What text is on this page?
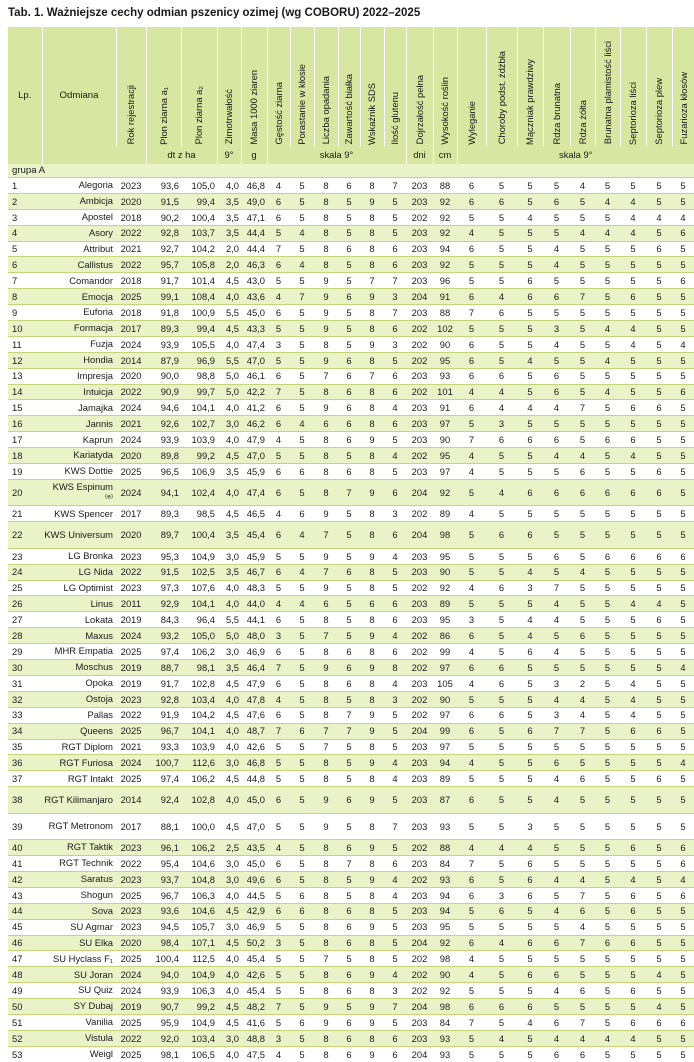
Tab. 1. Ważniejsze cechy odmian pszenicy ozimej (wg COBORU) 2022–2025
Lp.	Odmiana	Rok rejestracji	Plon ziarna a₁	Plon ziarna a₂	Zimotrwałość	Masa 1000 ziaren	Gęstość ziarna	Porastanie w kłosie	Liczba opadania	Zawartość białka	Wskaźnik SDS	Ilość glutenu	Dojrzałość pełna	Wysokość roślin	Wyleganie	Choroby podst. źdźbła	Mączniak prawdziwy	Rdza brunatna	Rdza żółta	Brunatna plamistość liści	Septorioza liści	Septorioza plew	Fuzarioza kłosów
			dt z ha		9°	g	skala 9°						dni	cm	skala 9°								
grupa A																							
1	Alegoria	2023	93,6	105,0	4,0	46,8	4	5	8	6	8	7	203	88	6	5	5	5	4	5	5	5	5
2	Ambicja	2020	91,5	99,4	3,5	49,0	6	5	8	5	9	5	203	92	6	6	5	6	5	4	4	5	5
3	Apostel	2018	90,2	100,4	3,5	47,1	6	5	8	5	8	5	202	92	5	5	4	5	5	5	4	4	4
4	Asory	2022	92,8	103,7	3,5	44,4	5	4	8	5	8	5	203	92	4	5	5	5	4	4	4	5	6
5	Attribut	2021	92,7	104,2	2,0	44,4	7	5	8	6	8	6	203	94	6	5	5	4	5	5	5	6	5
6	Callistus	2022	95,7	105,8	2,0	46,3	6	4	8	5	8	6	203	92	5	5	5	4	5	5	5	5	5
7	Comandor	2018	91,7	101,4	4,5	43,0	5	5	9	5	7	7	203	96	5	5	6	5	5	5	5	5	6
8	Emocja	2025	99,1	108,4	4,0	43,6	4	7	9	6	9	3	204	91	6	4	6	6	7	5	6	5	5
9	Euforia	2018	91,8	100,9	5,5	45,0	6	5	9	5	8	7	203	88	7	6	5	5	5	5	5	5	5
10	Formacja	2017	89,3	99,4	4,5	43,3	5	5	9	5	8	6	202	102	5	5	5	3	5	4	4	5	5
11	Fuzja	2024	93,9	105,5	4,0	47,4	3	5	8	5	9	3	202	90	6	5	5	4	5	5	4	5	4
12	Hondia	2014	87,9	96,9	5,5	47,0	5	5	9	6	8	5	202	95	6	5	4	5	5	4	5	5	5
13	Impresja	2020	90,0	98,8	5,0	46,1	6	5	7	6	7	6	203	93	6	6	5	6	5	5	5	5	5
14	Intuicja	2022	90,9	99,7	5,0	42,2	7	5	8	6	8	6	202	101	4	4	5	6	5	4	5	5	6
15	Jamajka	2024	94,6	104,1	4,0	41,2	6	5	9	6	8	4	203	91	6	4	4	4	7	5	6	6	5
16	Jannis	2021	92,6	102,7	3,0	46,2	6	4	6	6	8	6	203	97	5	3	5	5	5	5	5	5	5
17	Kaprun	2024	93,9	103,9	4,0	47,9	4	5	8	6	9	5	203	90	7	6	6	6	5	6	6	5	5
18	Kariatyda	2020	89,8	99,2	4,5	47,0	5	5	8	5	8	4	202	95	4	5	5	4	4	5	4	5	5
19	KWS Dottie	2025	96,5	106,9	3,5	45,9	6	6	8	6	8	5	203	97	4	5	5	5	6	5	5	6	5
20	KWS Espinum ⁽ᵉ⁾	2024	94,1	102,4	4,0	47,4	6	5	8	7	9	6	204	92	5	4	6	6	6	6	6	6	5
21	KWS Spencer	2017	89,3	98,5	4,5	46,5	4	6	9	5	8	3	202	89	4	5	5	5	5	5	5	5	5
22	KWS Universum	2020	89,7	100,4	3,5	45,4	6	4	7	5	8	6	204	98	5	6	6	5	5	5	5	5	5
23	LG Bronka	2023	95,3	104,9	3,0	45,9	5	5	9	5	9	4	203	95	5	5	5	6	5	6	6	6	6
24	LG Nida	2022	91,5	102,5	3,5	46,7	6	4	7	6	8	5	203	90	5	5	4	5	4	5	5	5	5
25	LG Optimist	2023	97,3	107,6	4,0	48,3	5	5	9	5	8	5	202	92	4	6	3	7	5	5	5	5	5
26	Linus	2011	92,9	104,1	4,0	44,0	4	4	6	5	6	6	203	89	5	5	5	4	5	5	4	4	5
27	Lokata	2019	84,3	96,4	5,5	44,1	6	5	8	5	8	6	203	95	3	5	4	4	5	5	5	6	5
28	Maxus	2024	93,2	105,0	5,0	48,0	3	5	7	5	9	4	202	86	6	5	4	5	6	5	5	5	5
29	MHR Empatia	2025	97,4	106,2	3,0	46,9	6	5	8	6	8	6	202	99	4	5	6	4	5	5	5	5	5
30	Moschus	2019	88,7	98,1	3,5	46,4	7	5	9	6	9	8	202	97	6	6	5	5	5	5	5	5	4
31	Opoka	2019	91,7	102,8	4,5	47,9	6	5	8	6	8	4	203	105	4	6	5	3	2	5	4	5	5
32	Ostoja	2023	92,8	103,4	4,0	47,8	4	5	8	5	8	3	202	90	5	5	5	4	4	5	4	5	5
33	Pallas	2022	91,9	104,2	4,5	47,6	6	5	8	7	9	5	202	97	6	6	5	3	4	5	4	5	5
34	Queens	2025	96,7	104,1	4,0	48,7	7	6	7	7	9	5	204	99	6	5	6	7	7	5	6	6	5
35	RGT Diplom	2021	93,3	103,9	4,0	42,6	5	5	7	5	8	5	203	97	5	5	5	5	5	5	5	5	5
36	RGT Furiosa	2024	100,7	112,6	3,0	46,8	5	5	8	5	9	4	203	94	4	5	5	6	5	5	5	5	4
37	RGT Intakt	2025	97,4	106,2	4,5	44,8	5	5	8	5	8	4	203	89	5	5	5	4	6	5	5	6	5
38	RGT Kilimanjaro	2014	92,4	102,8	4,0	45,0	6	5	9	6	9	5	203	87	6	5	5	4	5	5	5	5	5
39	RGT Metronom	2017	88,1	100,0	4,5	47,0	5	5	9	5	8	7	203	93	5	5	3	5	5	5	5	5	5
40	RGT Taktik	2023	96,1	106,2	2,5	43,5	4	5	8	6	9	5	202	88	4	4	4	5	5	5	6	5	6
41	RGT Technik	2022	95,4	104,6	3,0	45,0	6	5	8	7	8	6	203	84	7	5	6	5	5	5	5	5	6
42	Saratus	2023	93,7	104,8	3,0	49,6	6	5	8	5	9	4	202	93	6	5	6	4	4	5	4	5	4
43	Shogun	2025	96,7	106,3	4,0	44,5	5	6	8	5	8	4	203	94	6	3	6	5	7	5	6	5	6
44	Sova	2023	93,6	104,6	4,5	42,9	6	6	8	6	8	5	203	94	5	6	5	4	6	5	6	5	5
45	SU Agmar	2023	94,5	105,7	3,0	46,9	5	5	8	6	9	5	203	95	5	5	5	5	4	5	5	5	5
46	SU Elka	2020	98,4	107,1	4,5	50,2	3	5	8	6	8	5	204	92	6	4	6	6	7	6	6	5	5
47	SU Hyclass F₁	2025	100,4	112,5	4,0	45,4	5	5	7	5	8	5	202	98	4	5	5	5	5	5	5	5	5
48	SU Joran	2024	94,0	104,9	4,0	42,6	5	5	8	6	9	4	202	90	4	5	6	6	5	5	5	4	5
49	SU Quiz	2024	93,9	106,3	4,0	45,4	5	5	8	6	8	3	202	92	5	5	5	4	6	5	6	5	5
50	SY Dubaj	2019	90,7	99,2	4,5	48,2	7	5	9	5	9	7	204	98	6	6	6	5	5	5	5	4	5
51	Vanilia	2025	95,9	104,9	4,5	41,6	5	6	9	6	9	5	203	84	7	5	4	6	7	5	6	6	6
52	Vistula	2022	92,0	103,4	3,0	48,8	3	5	8	6	8	6	203	93	5	4	5	4	4	4	4	5	5
53	Weigl	2025	98,1	106,5	4,0	47,5	4	5	8	6	9	6	204	93	5	5	5	6	6	5	5	5	5
